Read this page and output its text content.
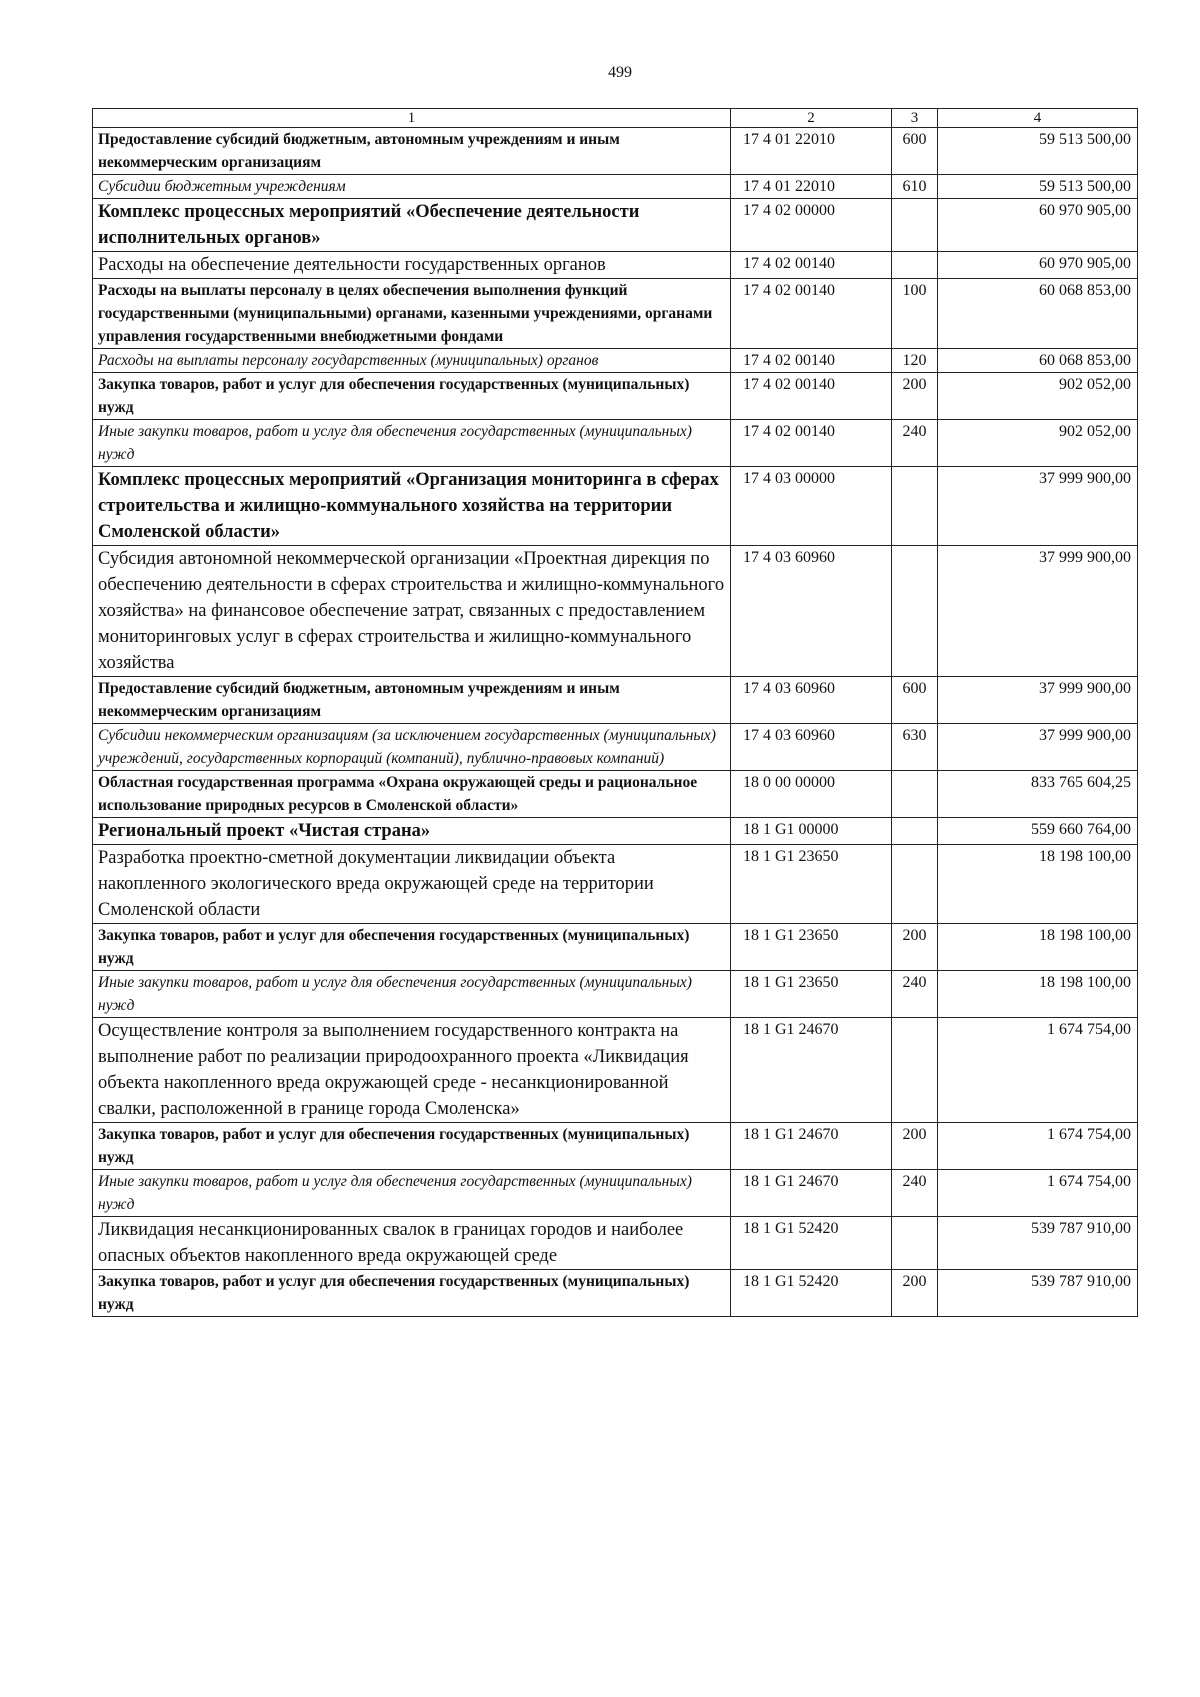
499
1	2	3	4
Предоставление субсидий бюджетным, автономным учреждениям и иным некоммерческим организациям	17 4 01 22010	600	59 513 500,00
Субсидии бюджетным учреждениям	17 4 01 22010	610	59 513 500,00
Комплекс процессных мероприятий «Обеспечение деятельности исполнительных органов»	17 4 02 00000		60 970 905,00
Расходы на обеспечение деятельности государственных органов	17 4 02 00140		60 970 905,00
Расходы на выплаты персоналу в целях обеспечения выполнения функций государственными (муниципальными) органами, казенными учреждениями, органами управления государственными внебюджетными фондами	17 4 02 00140	100	60 068 853,00
Расходы на выплаты персоналу государственных (муниципальных) органов	17 4 02 00140	120	60 068 853,00
Закупка товаров, работ и услуг для обеспечения государственных (муниципальных) нужд	17 4 02 00140	200	902 052,00
Иные закупки товаров, работ и услуг для обеспечения государственных (муниципальных) нужд	17 4 02 00140	240	902 052,00
Комплекс процессных мероприятий «Организация мониторинга в сферах строительства и жилищно-коммунального хозяйства на территории Смоленской области»	17 4 03 00000		37 999 900,00
Субсидия автономной некоммерческой организации «Проектная дирекция по обеспечению деятельности в сферах строительства и жилищно-коммунального хозяйства» на финансовое обеспечение затрат, связанных с предоставлением мониторинговых услуг в сферах строительства и жилищно-коммунального хозяйства	17 4 03 60960		37 999 900,00
Предоставление субсидий бюджетным, автономным учреждениям и иным некоммерческим организациям	17 4 03 60960	600	37 999 900,00
Субсидии некоммерческим организациям (за исключением государственных (муниципальных) учреждений, государственных корпораций (компаний), публично-правовых компаний)	17 4 03 60960	630	37 999 900,00
Областная государственная программа «Охрана окружающей среды и рациональное использование природных ресурсов в Смоленской области»	18 0 00 00000		833 765 604,25
Региональный проект «Чистая страна»	18 1 G1 00000		559 660 764,00
Разработка проектно-сметной документации ликвидации объекта накопленного экологического вреда окружающей среде на территории Смоленской области	18 1 G1 23650		18 198 100,00
Закупка товаров, работ и услуг для обеспечения государственных (муниципальных) нужд	18 1 G1 23650	200	18 198 100,00
Иные закупки товаров, работ и услуг для обеспечения государственных (муниципальных) нужд	18 1 G1 23650	240	18 198 100,00
Осуществление контроля за выполнением государственного контракта на выполнение работ по реализации природоохранного проекта «Ликвидация объекта накопленного вреда окружающей среде - несанкционированной свалки, расположенной в границе города Смоленска»	18 1 G1 24670		1 674 754,00
Закупка товаров, работ и услуг для обеспечения государственных (муниципальных) нужд	18 1 G1 24670	200	1 674 754,00
Иные закупки товаров, работ и услуг для обеспечения государственных (муниципальных) нужд	18 1 G1 24670	240	1 674 754,00
Ликвидация несанкционированных свалок в границах городов и наиболее опасных объектов накопленного вреда окружающей среде	18 1 G1 52420		539 787 910,00
Закупка товаров, работ и услуг для обеспечения государственных (муниципальных) нужд	18 1 G1 52420	200	539 787 910,00
